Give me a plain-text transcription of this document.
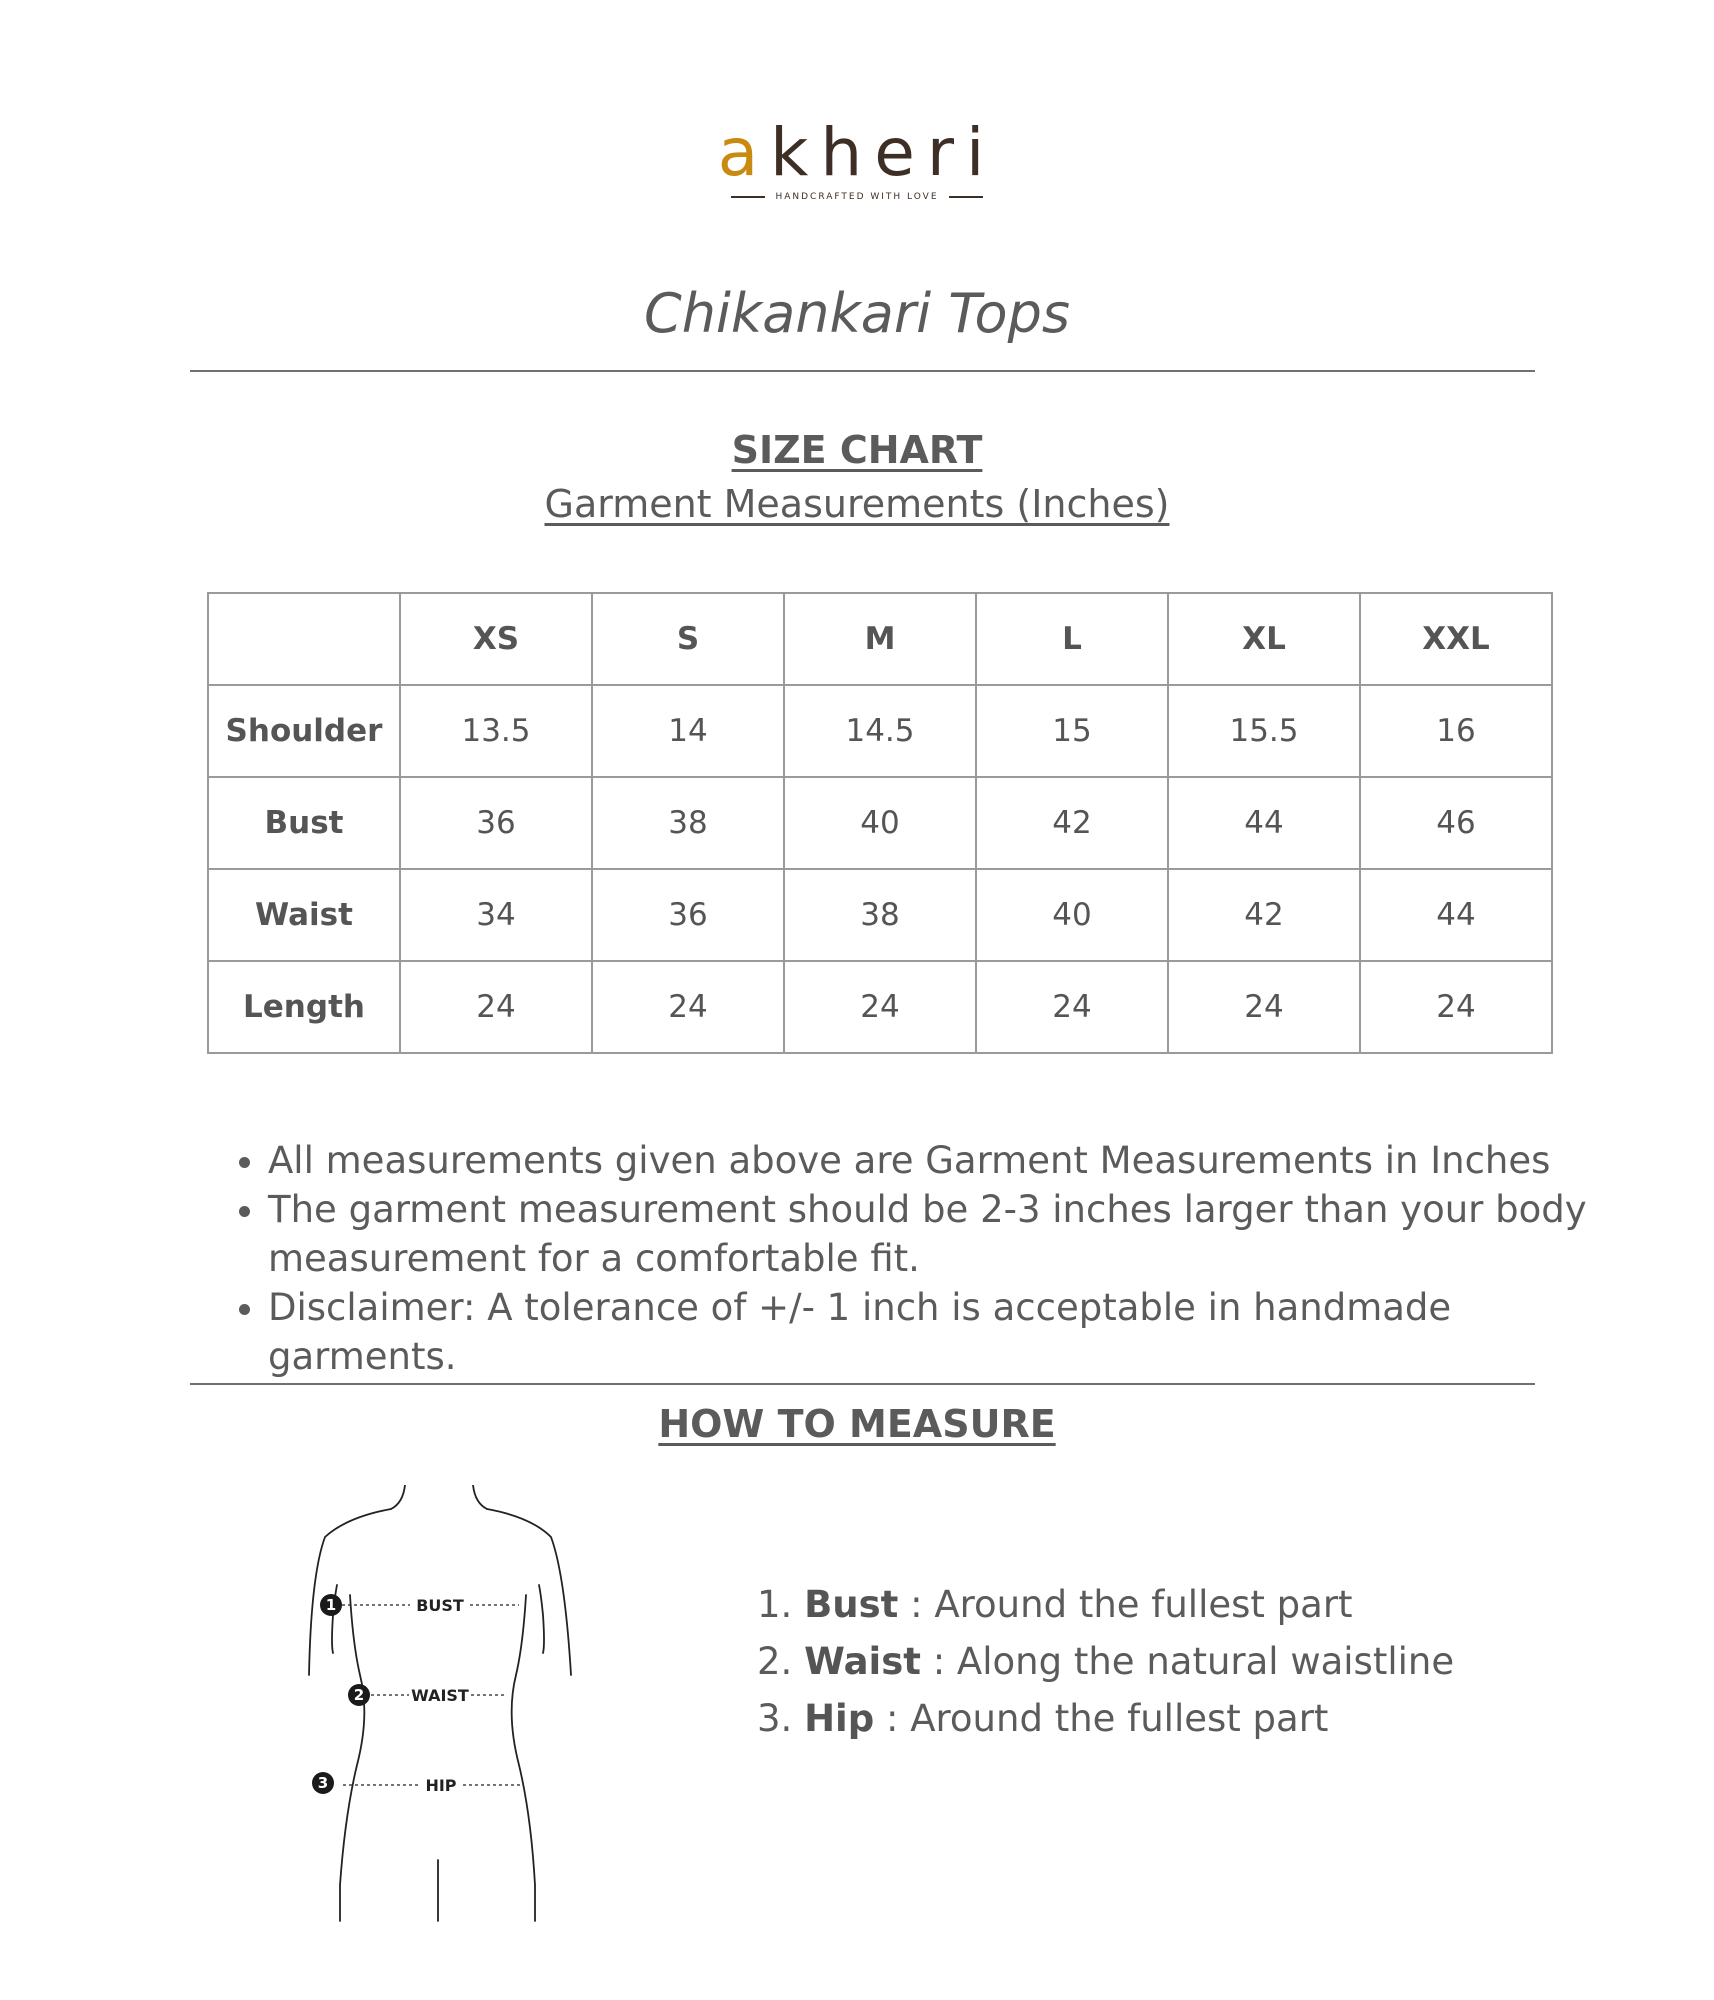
akheri
HANDCRAFTED WITH LOVE
Chikankari Tops
SIZE CHART
Garment Measurements (Inches)
	XS	S	M	L	XL	XXL
Shoulder	13.5	14	14.5	15	15.5	16
Bust	36	38	40	42	44	46
Waist	34	36	38	40	42	44
Length	24	24	24	24	24	24
• All measurements given above are Garment Measurements in Inches
• The garment measurement should be 2-3 inches larger than your body measurement for a comfortable fit.
• Disclaimer: A tolerance of +/- 1 inch is acceptable in handmade garments.
HOW TO MEASURE
1	BUST
2	WAIST
3	HIP
1. Bust : Around the fullest part
2. Waist : Along the natural waistline
3. Hip : Around the fullest part
